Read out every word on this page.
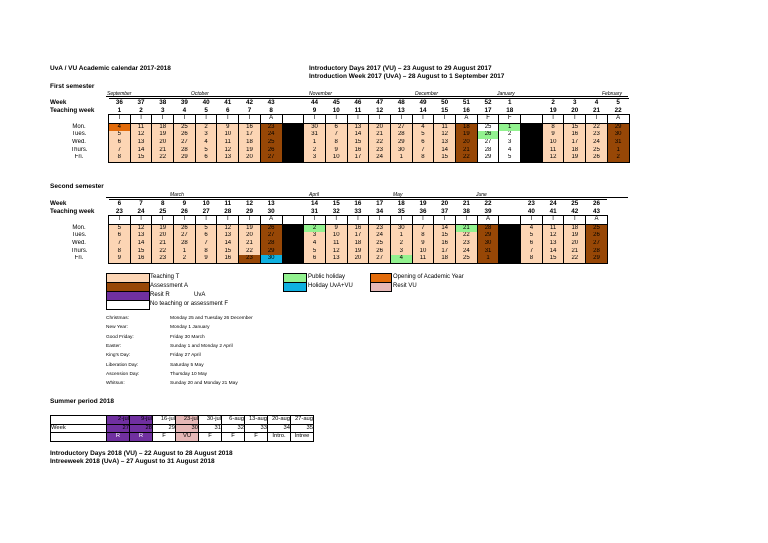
UvA / VU Academic calendar 2017-2018	Introductory Days 2017 (VU) – 23 August to 29 August 2017
Introduction Week 2017 (UvA) – 28 August to 1 September 2017
First semester
September	October	November	December	January	February
Week	36	37	38	39	40	41	42	43		44	45	46	47	48	49	50	51	52	1		2	3	4	5
Teaching week	1	2	3	4	5	6	7	8		9	10	11	12	13	14	15	16	17	18		19	20	21	22
	T	T	T	T	T	T	T	A		T	T	T	T	T	T	T	A	F	F		T	T	T	A
Mon.	4	11	18	25	2	9	16	23		30	6	13	20	27	4	11	18	25	1		8	15	22	29
Tues.	5	12	19	26	3	10	17	24		31	7	14	21	28	5	12	19	26	2		9	16	23	30
Wed.	6	13	20	27	4	11	18	25		1	8	15	22	29	6	13	20	27	3		10	17	24	31
Thurs.	7	14	21	28	5	12	19	26		2	9	16	23	30	7	14	21	28	4		11	18	25	1
Fri.	8	15	22	29	6	13	20	27		3	10	17	24	1	8	15	22	29	5		12	19	26	2
Second semester
March	April	May	June
Week	6	7	8	9	10	11	12	13		14	15	16	17	18	19	20	21	22		23	24	25	26
Teaching week	23	24	25	26	27	28	29	30		31	32	33	34	35	36	37	38	39		40	41	42	43
	T	T	T	T	T	T	T	A		T	T	T	T	T	T	T	T	A		T	T	T	A
Mon.	5	12	19	26	5	12	19	26		2	9	16	23	30	7	14	21	28		4	11	18	25
Tues.	6	13	20	27	6	13	20	27		3	10	17	24	1	8	15	22	29		5	12	19	26
Wed.	7	14	21	28	7	14	21	28		4	11	18	25	2	9	16	23	30		6	13	20	27
Thurs.	8	15	22	1	8	15	22	29		5	12	19	26	3	10	17	24	31		7	14	21	28
Fri.	9	16	23	2	9	16	23	30		6	13	20	27	4	11	18	25	1		8	15	22	29
Teaching T
Assessment A
Resit R	UvA
No teaching or assessment F
Public holiday
Holiday UvA+VU
Opening of Academic Year
Resit VU
Christmas:	Monday 25 and Tuesday 26 December
New Year:	Monday 1 January
Good Friday:	Friday 30 March
Easter:	Sunday 1 and Monday 2 April
King's Day:	Friday 27 April
Liberation Day:	Saturday 5 May
Ascension Day:	Thursday 10 May
Whitsun:	Sunday 20 and Monday 21 May
Summer period 2018
	2-jul	9-jul	16-jul	23-jul	30-jul	6-aug	13-aug	20-aug	27-aug
Week	27	28	29	30	31	32	33	34	35
	R	R	F	VU	F	F	F	Intro.	Intree
Introductory Days 2018 (VU) – 22 August to 28 August 2018
Intreeweek 2018 (UvA) – 27 August to 31 August 2018
